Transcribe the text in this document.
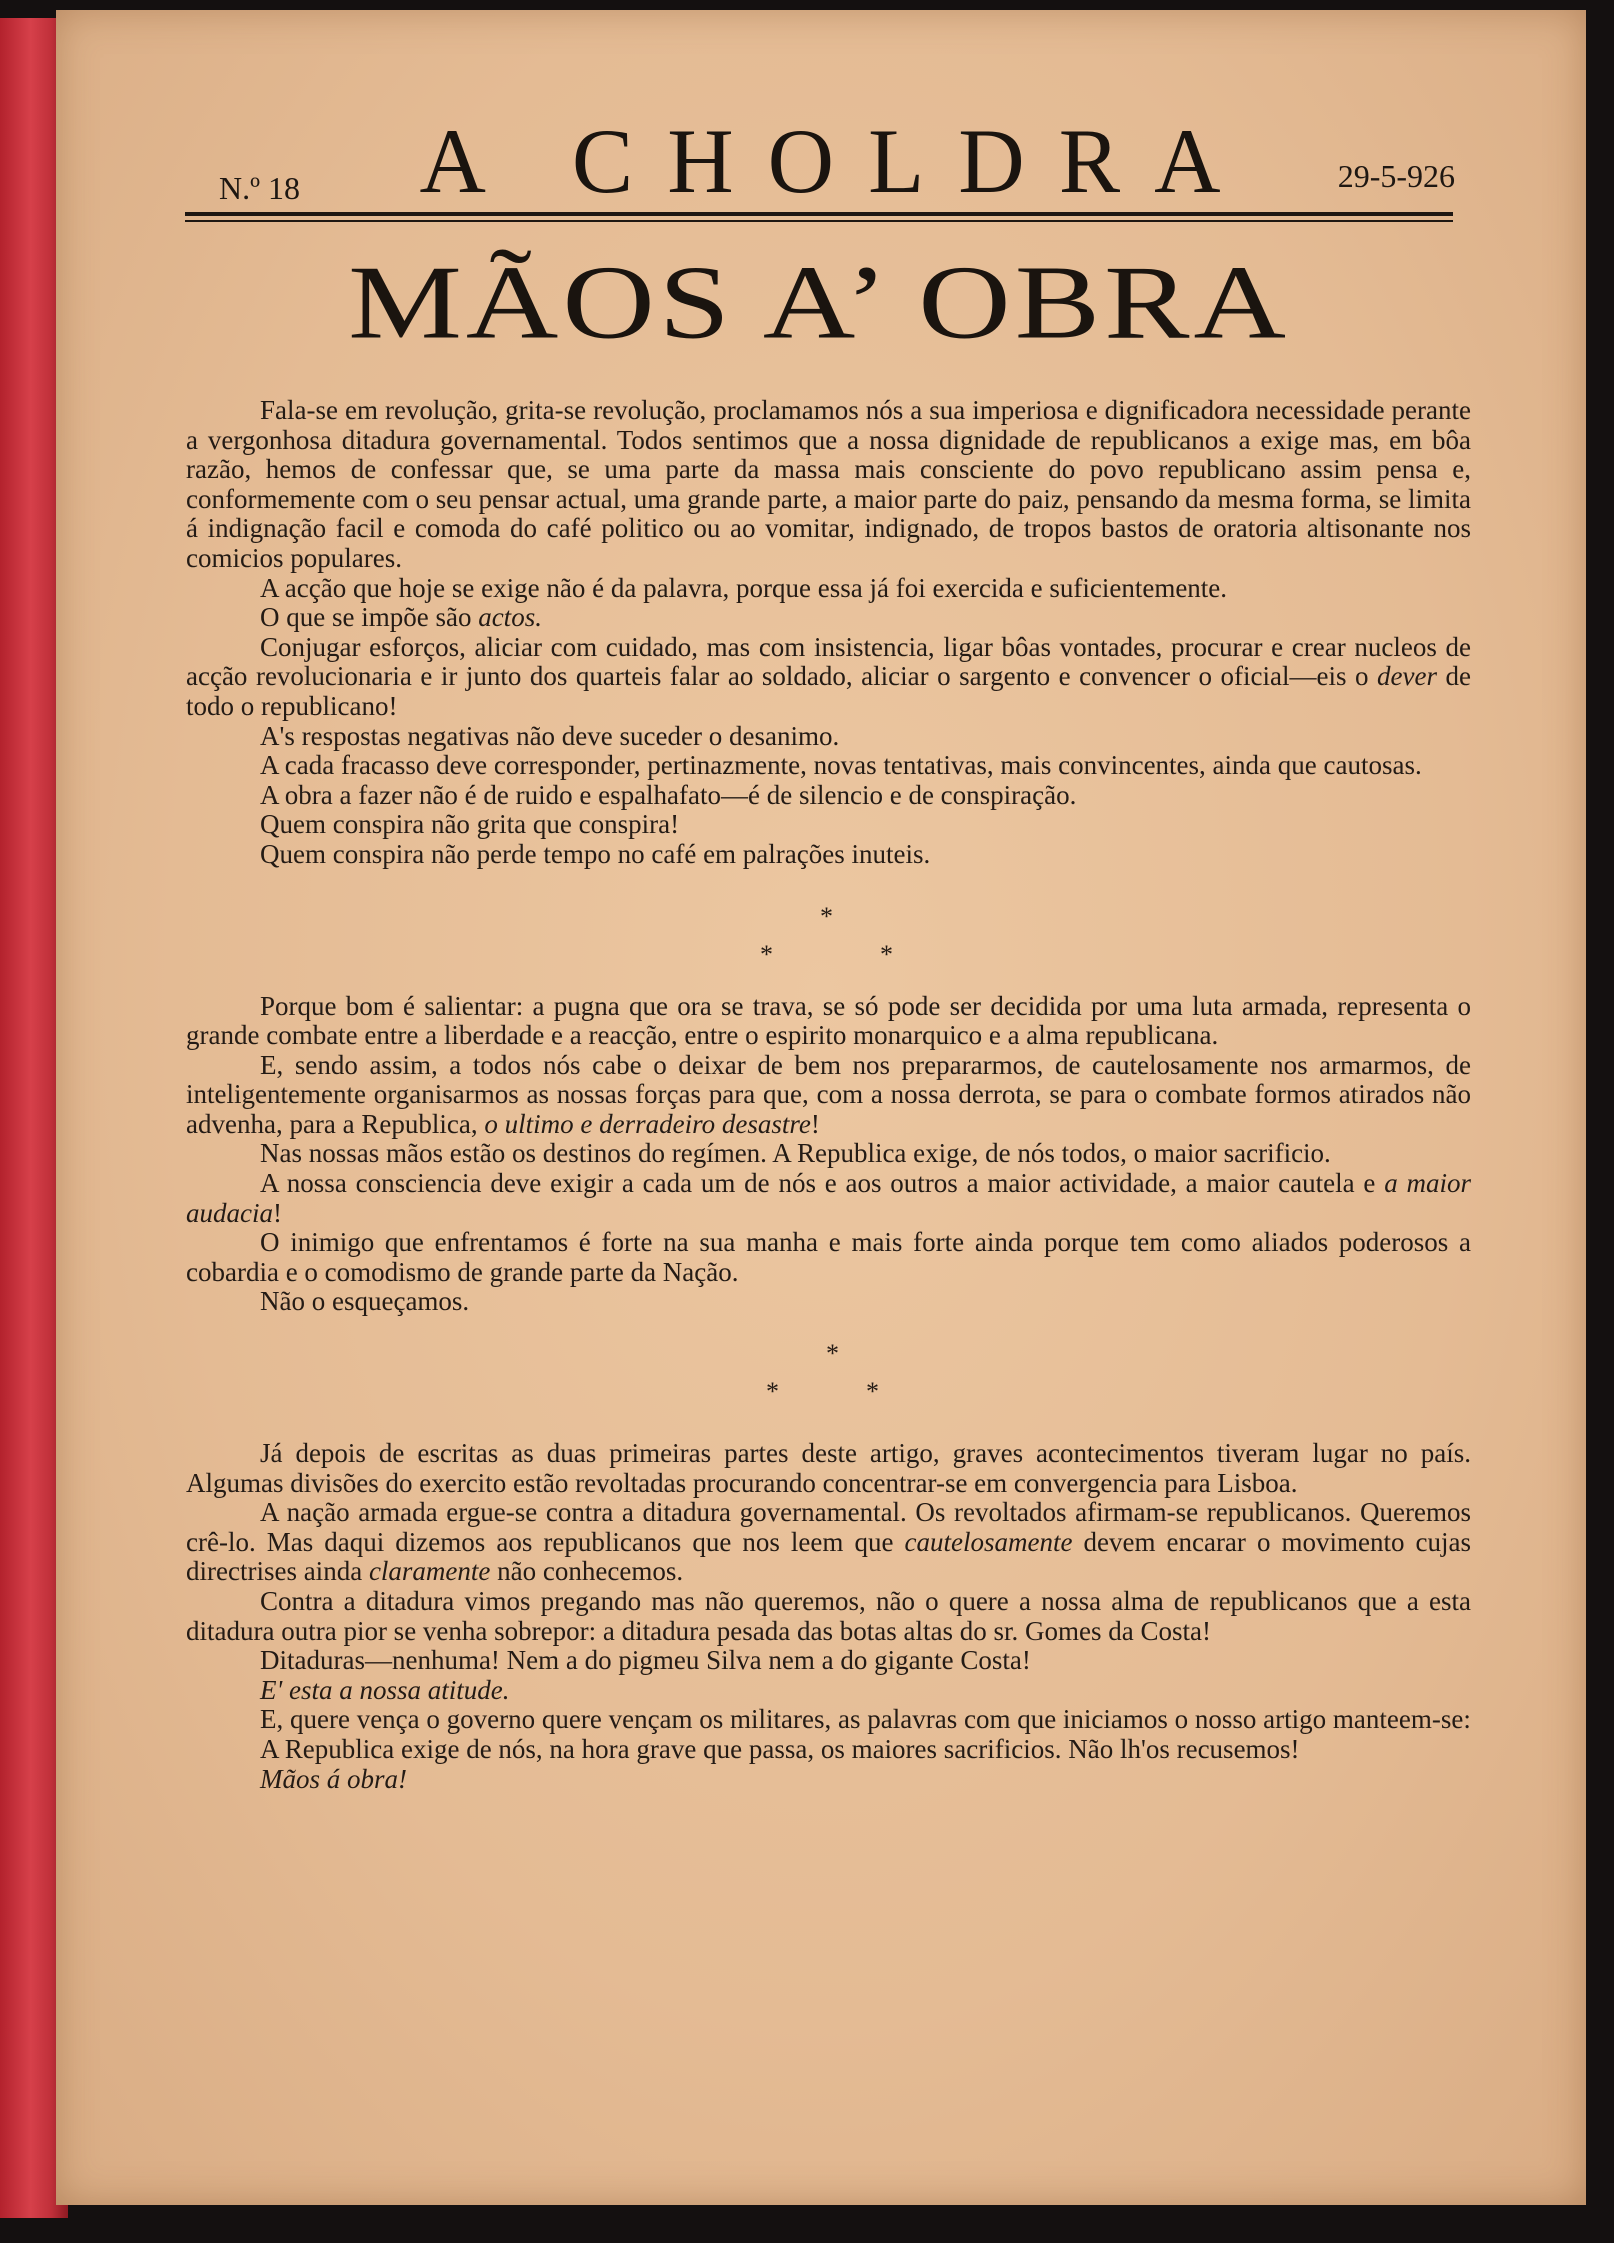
N.º 18	A CHOLDRA	29-5-926
MÃOS A’ OBRA

Fala-se em revolução, grita-se revolução, proclamamos nós a sua imperiosa e dignificadora necessidade perante a vergonhosa ditadura governamental. Todos sentimos que a nossa dignidade de republicanos a exige mas, em bôa razão, hemos de confessar que, se uma parte da massa mais consciente do povo republicano assim pensa e, conformemente com o seu pensar actual, uma grande parte, a maior parte do paiz, pensando da mesma forma, se limita á indignação facil e comoda do café politico ou ao vomitar, indignado, de tropos bastos de oratoria altisonante nos comicios populares.

A acção que hoje se exige não é da palavra, porque essa já foi exercida e suficientemente.

O que se impõe são actos.

Conjugar esforços, aliciar com cuidado, mas com insistencia, ligar bôas vontades, procurar e crear nucleos de acção revolucionaria e ir junto dos quarteis falar ao soldado, aliciar o sargento e convencer o oficial—eis o dever de todo o republicano!

A's respostas negativas não deve suceder o desanimo.

A cada fracasso deve corresponder, pertinazmente, novas tentativas, mais convincentes, ainda que cautosas.

A obra a fazer não é de ruido e espalhafato—é de silencio e de conspiração.

Quem conspira não grita que conspira!

Quem conspira não perde tempo no café em palrações inuteis.

*
*	*

Porque bom é salientar: a pugna que ora se trava, se só pode ser decidida por uma luta armada, representa o grande combate entre a liberdade e a reacção, entre o espirito monarquico e a alma republicana.

E, sendo assim, a todos nós cabe o deixar de bem nos prepararmos, de cautelosamente nos armarmos, de inteligentemente organisarmos as nossas forças para que, com a nossa derrota, se para o combate formos atirados não advenha, para a Republica, o ultimo e derradeiro desastre!

Nas nossas mãos estão os destinos do regímen. A Republica exige, de nós todos, o maior sacrificio.

A nossa consciencia deve exigir a cada um de nós e aos outros a maior actividade, a maior cautela e a maior audacia!

O inimigo que enfrentamos é forte na sua manha e mais forte ainda porque tem como aliados poderosos a cobardia e o comodismo de grande parte da Nação.

Não o esqueçamos.

*
*	*

Já depois de escritas as duas primeiras partes deste artigo, graves acontecimentos tiveram lugar no país. Algumas divisões do exercito estão revoltadas procurando concentrar-se em convergencia para Lisboa.

A nação armada ergue-se contra a ditadura governamental. Os revoltados afirmam-se republicanos. Queremos crê-lo. Mas daqui dizemos aos republicanos que nos leem que cautelosamente devem encarar o movimento cujas directrises ainda claramente não conhecemos.

Contra a ditadura vimos pregando mas não queremos, não o quere a nossa alma de republicanos que a esta ditadura outra pior se venha sobrepor: a ditadura pesada das botas altas do sr. Gomes da Costa!

Ditaduras—nenhuma! Nem a do pigmeu Silva nem a do gigante Costa!

E' esta a nossa atitude.

E, quere vença o governo quere vençam os militares, as palavras com que iniciamos o nosso artigo manteem-se:

A Republica exige de nós, na hora grave que passa, os maiores sacrificios. Não lh'os recusemos!

Mãos á obra!
